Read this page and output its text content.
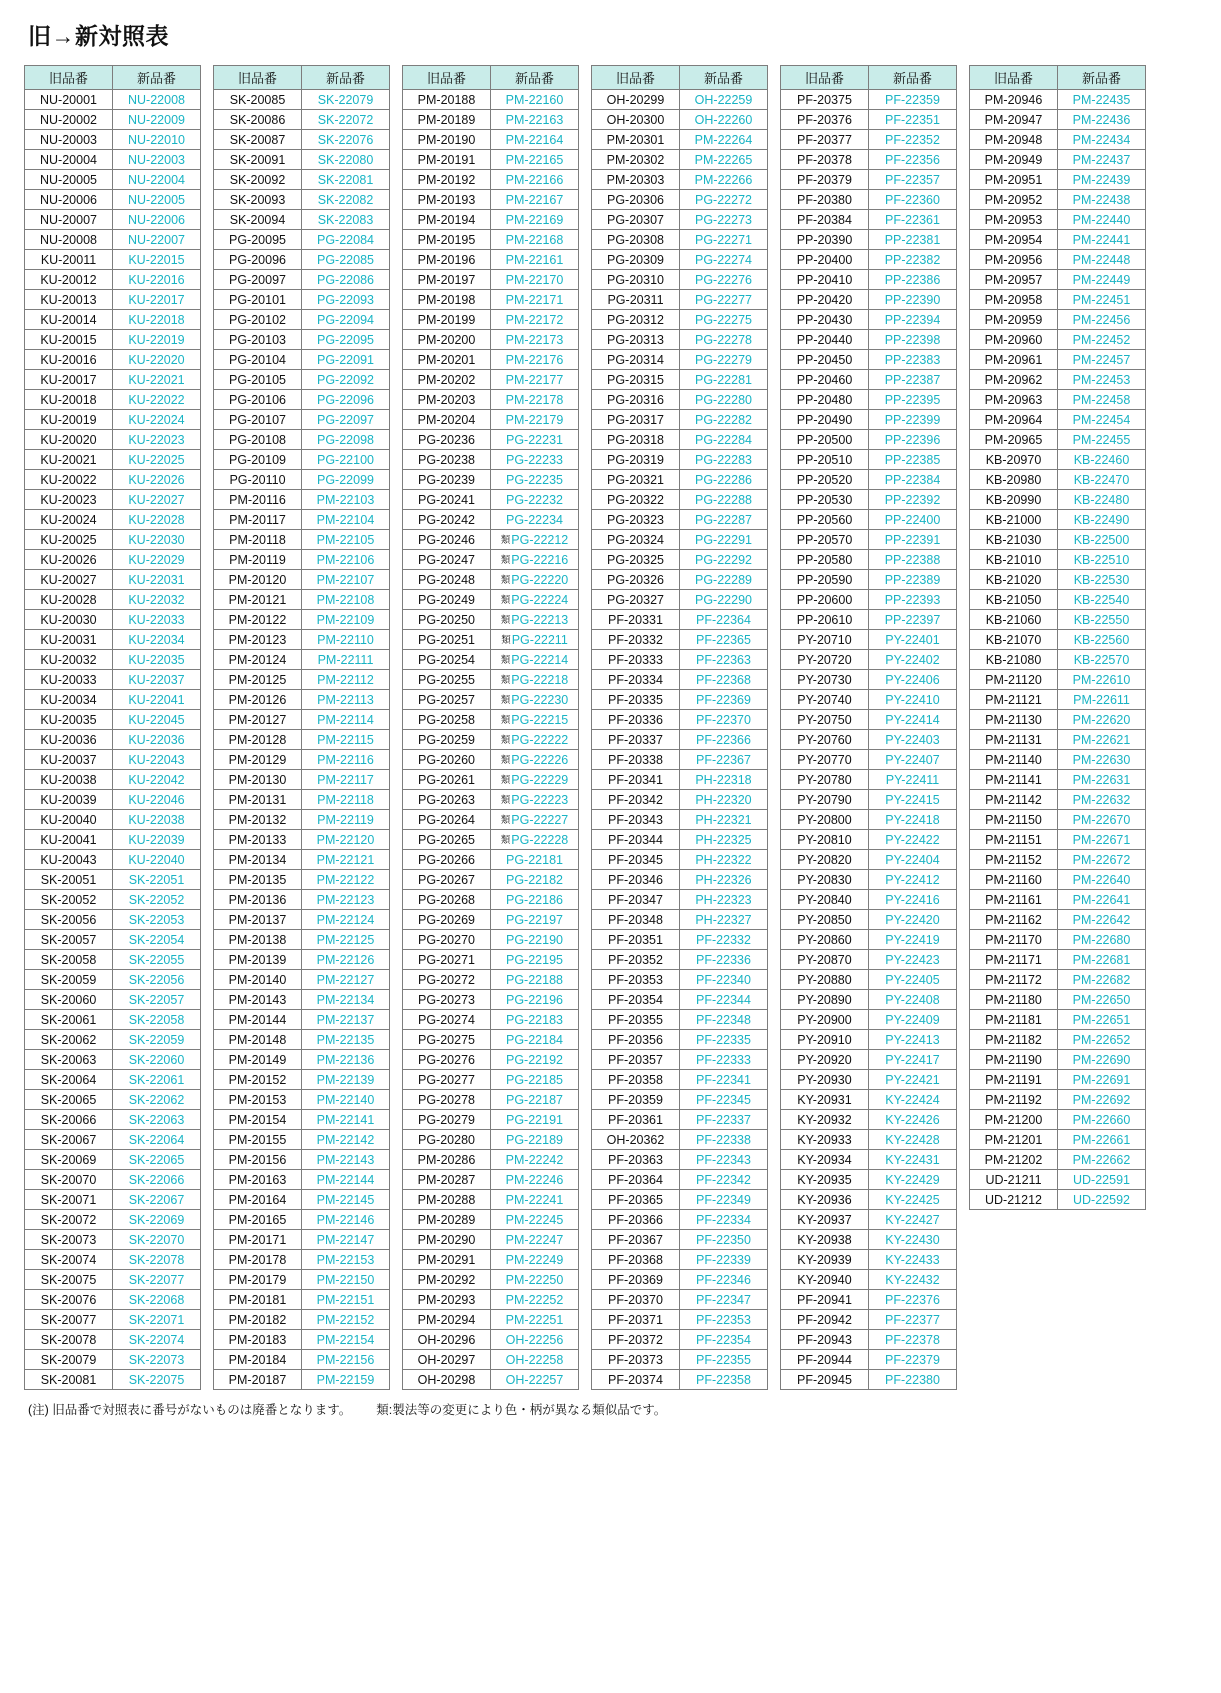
旧→新対照表
旧品番	新品番
NU-20001	NU-22008
NU-20002	NU-22009
NU-20003	NU-22010
NU-20004	NU-22003
NU-20005	NU-22004
NU-20006	NU-22005
NU-20007	NU-22006
NU-20008	NU-22007
KU-20011	KU-22015
KU-20012	KU-22016
KU-20013	KU-22017
KU-20014	KU-22018
KU-20015	KU-22019
KU-20016	KU-22020
KU-20017	KU-22021
KU-20018	KU-22022
KU-20019	KU-22024
KU-20020	KU-22023
KU-20021	KU-22025
KU-20022	KU-22026
KU-20023	KU-22027
KU-20024	KU-22028
KU-20025	KU-22030
KU-20026	KU-22029
KU-20027	KU-22031
KU-20028	KU-22032
KU-20030	KU-22033
KU-20031	KU-22034
KU-20032	KU-22035
KU-20033	KU-22037
KU-20034	KU-22041
KU-20035	KU-22045
KU-20036	KU-22036
KU-20037	KU-22043
KU-20038	KU-22042
KU-20039	KU-22046
KU-20040	KU-22038
KU-20041	KU-22039
KU-20043	KU-22040
SK-20051	SK-22051
SK-20052	SK-22052
SK-20056	SK-22053
SK-20057	SK-22054
SK-20058	SK-22055
SK-20059	SK-22056
SK-20060	SK-22057
SK-20061	SK-22058
SK-20062	SK-22059
SK-20063	SK-22060
SK-20064	SK-22061
SK-20065	SK-22062
SK-20066	SK-22063
SK-20067	SK-22064
SK-20069	SK-22065
SK-20070	SK-22066
SK-20071	SK-22067
SK-20072	SK-22069
SK-20073	SK-22070
SK-20074	SK-22078
SK-20075	SK-22077
SK-20076	SK-22068
SK-20077	SK-22071
SK-20078	SK-22074
SK-20079	SK-22073
SK-20081	SK-22075
旧品番	新品番
SK-20085	SK-22079
SK-20086	SK-22072
SK-20087	SK-22076
SK-20091	SK-22080
SK-20092	SK-22081
SK-20093	SK-22082
SK-20094	SK-22083
PG-20095	PG-22084
PG-20096	PG-22085
PG-20097	PG-22086
PG-20101	PG-22093
PG-20102	PG-22094
PG-20103	PG-22095
PG-20104	PG-22091
PG-20105	PG-22092
PG-20106	PG-22096
PG-20107	PG-22097
PG-20108	PG-22098
PG-20109	PG-22100
PG-20110	PG-22099
PM-20116	PM-22103
PM-20117	PM-22104
PM-20118	PM-22105
PM-20119	PM-22106
PM-20120	PM-22107
PM-20121	PM-22108
PM-20122	PM-22109
PM-20123	PM-22110
PM-20124	PM-22111
PM-20125	PM-22112
PM-20126	PM-22113
PM-20127	PM-22114
PM-20128	PM-22115
PM-20129	PM-22116
PM-20130	PM-22117
PM-20131	PM-22118
PM-20132	PM-22119
PM-20133	PM-22120
PM-20134	PM-22121
PM-20135	PM-22122
PM-20136	PM-22123
PM-20137	PM-22124
PM-20138	PM-22125
PM-20139	PM-22126
PM-20140	PM-22127
PM-20143	PM-22134
PM-20144	PM-22137
PM-20148	PM-22135
PM-20149	PM-22136
PM-20152	PM-22139
PM-20153	PM-22140
PM-20154	PM-22141
PM-20155	PM-22142
PM-20156	PM-22143
PM-20163	PM-22144
PM-20164	PM-22145
PM-20165	PM-22146
PM-20171	PM-22147
PM-20178	PM-22153
PM-20179	PM-22150
PM-20181	PM-22151
PM-20182	PM-22152
PM-20183	PM-22154
PM-20184	PM-22156
PM-20187	PM-22159
旧品番	新品番
PM-20188	PM-22160
PM-20189	PM-22163
PM-20190	PM-22164
PM-20191	PM-22165
PM-20192	PM-22166
PM-20193	PM-22167
PM-20194	PM-22169
PM-20195	PM-22168
PM-20196	PM-22161
PM-20197	PM-22170
PM-20198	PM-22171
PM-20199	PM-22172
PM-20200	PM-22173
PM-20201	PM-22176
PM-20202	PM-22177
PM-20203	PM-22178
PM-20204	PM-22179
PG-20236	PG-22231
PG-20238	PG-22233
PG-20239	PG-22235
PG-20241	PG-22232
PG-20242	PG-22234
PG-20246	類PG-22212
PG-20247	類PG-22216
PG-20248	類PG-22220
PG-20249	類PG-22224
PG-20250	類PG-22213
PG-20251	類PG-22211
PG-20254	類PG-22214
PG-20255	類PG-22218
PG-20257	類PG-22230
PG-20258	類PG-22215
PG-20259	類PG-22222
PG-20260	類PG-22226
PG-20261	類PG-22229
PG-20263	類PG-22223
PG-20264	類PG-22227
PG-20265	類PG-22228
PG-20266	PG-22181
PG-20267	PG-22182
PG-20268	PG-22186
PG-20269	PG-22197
PG-20270	PG-22190
PG-20271	PG-22195
PG-20272	PG-22188
PG-20273	PG-22196
PG-20274	PG-22183
PG-20275	PG-22184
PG-20276	PG-22192
PG-20277	PG-22185
PG-20278	PG-22187
PG-20279	PG-22191
PG-20280	PG-22189
PM-20286	PM-22242
PM-20287	PM-22246
PM-20288	PM-22241
PM-20289	PM-22245
PM-20290	PM-22247
PM-20291	PM-22249
PM-20292	PM-22250
PM-20293	PM-22252
PM-20294	PM-22251
OH-20296	OH-22256
OH-20297	OH-22258
OH-20298	OH-22257
旧品番	新品番
OH-20299	OH-22259
OH-20300	OH-22260
PM-20301	PM-22264
PM-20302	PM-22265
PM-20303	PM-22266
PG-20306	PG-22272
PG-20307	PG-22273
PG-20308	PG-22271
PG-20309	PG-22274
PG-20310	PG-22276
PG-20311	PG-22277
PG-20312	PG-22275
PG-20313	PG-22278
PG-20314	PG-22279
PG-20315	PG-22281
PG-20316	PG-22280
PG-20317	PG-22282
PG-20318	PG-22284
PG-20319	PG-22283
PG-20321	PG-22286
PG-20322	PG-22288
PG-20323	PG-22287
PG-20324	PG-22291
PG-20325	PG-22292
PG-20326	PG-22289
PG-20327	PG-22290
PF-20331	PF-22364
PF-20332	PF-22365
PF-20333	PF-22363
PF-20334	PF-22368
PF-20335	PF-22369
PF-20336	PF-22370
PF-20337	PF-22366
PF-20338	PF-22367
PF-20341	PH-22318
PF-20342	PH-22320
PF-20343	PH-22321
PF-20344	PH-22325
PF-20345	PH-22322
PF-20346	PH-22326
PF-20347	PH-22323
PF-20348	PH-22327
PF-20351	PF-22332
PF-20352	PF-22336
PF-20353	PF-22340
PF-20354	PF-22344
PF-20355	PF-22348
PF-20356	PF-22335
PF-20357	PF-22333
PF-20358	PF-22341
PF-20359	PF-22345
PF-20361	PF-22337
OH-20362	PF-22338
PF-20363	PF-22343
PF-20364	PF-22342
PF-20365	PF-22349
PF-20366	PF-22334
PF-20367	PF-22350
PF-20368	PF-22339
PF-20369	PF-22346
PF-20370	PF-22347
PF-20371	PF-22353
PF-20372	PF-22354
PF-20373	PF-22355
PF-20374	PF-22358
旧品番	新品番
PF-20375	PF-22359
PF-20376	PF-22351
PF-20377	PF-22352
PF-20378	PF-22356
PF-20379	PF-22357
PF-20380	PF-22360
PF-20384	PF-22361
PP-20390	PP-22381
PP-20400	PP-22382
PP-20410	PP-22386
PP-20420	PP-22390
PP-20430	PP-22394
PP-20440	PP-22398
PP-20450	PP-22383
PP-20460	PP-22387
PP-20480	PP-22395
PP-20490	PP-22399
PP-20500	PP-22396
PP-20510	PP-22385
PP-20520	PP-22384
PP-20530	PP-22392
PP-20560	PP-22400
PP-20570	PP-22391
PP-20580	PP-22388
PP-20590	PP-22389
PP-20600	PP-22393
PP-20610	PP-22397
PY-20710	PY-22401
PY-20720	PY-22402
PY-20730	PY-22406
PY-20740	PY-22410
PY-20750	PY-22414
PY-20760	PY-22403
PY-20770	PY-22407
PY-20780	PY-22411
PY-20790	PY-22415
PY-20800	PY-22418
PY-20810	PY-22422
PY-20820	PY-22404
PY-20830	PY-22412
PY-20840	PY-22416
PY-20850	PY-22420
PY-20860	PY-22419
PY-20870	PY-22423
PY-20880	PY-22405
PY-20890	PY-22408
PY-20900	PY-22409
PY-20910	PY-22413
PY-20920	PY-22417
PY-20930	PY-22421
KY-20931	KY-22424
KY-20932	KY-22426
KY-20933	KY-22428
KY-20934	KY-22431
KY-20935	KY-22429
KY-20936	KY-22425
KY-20937	KY-22427
KY-20938	KY-22430
KY-20939	KY-22433
KY-20940	KY-22432
PF-20941	PF-22376
PF-20942	PF-22377
PF-20943	PF-22378
PF-20944	PF-22379
PF-20945	PF-22380
旧品番	新品番
PM-20946	PM-22435
PM-20947	PM-22436
PM-20948	PM-22434
PM-20949	PM-22437
PM-20951	PM-22439
PM-20952	PM-22438
PM-20953	PM-22440
PM-20954	PM-22441
PM-20956	PM-22448
PM-20957	PM-22449
PM-20958	PM-22451
PM-20959	PM-22456
PM-20960	PM-22452
PM-20961	PM-22457
PM-20962	PM-22453
PM-20963	PM-22458
PM-20964	PM-22454
PM-20965	PM-22455
KB-20970	KB-22460
KB-20980	KB-22470
KB-20990	KB-22480
KB-21000	KB-22490
KB-21030	KB-22500
KB-21010	KB-22510
KB-21020	KB-22530
KB-21050	KB-22540
KB-21060	KB-22550
KB-21070	KB-22560
KB-21080	KB-22570
PM-21120	PM-22610
PM-21121	PM-22611
PM-21130	PM-22620
PM-21131	PM-22621
PM-21140	PM-22630
PM-21141	PM-22631
PM-21142	PM-22632
PM-21150	PM-22670
PM-21151	PM-22671
PM-21152	PM-22672
PM-21160	PM-22640
PM-21161	PM-22641
PM-21162	PM-22642
PM-21170	PM-22680
PM-21171	PM-22681
PM-21172	PM-22682
PM-21180	PM-22650
PM-21181	PM-22651
PM-21182	PM-22652
PM-21190	PM-22690
PM-21191	PM-22691
PM-21192	PM-22692
PM-21200	PM-22660
PM-21201	PM-22661
PM-21202	PM-22662
UD-21211	UD-22591
UD-21212	UD-22592
(注) 旧品番で対照表に番号がないものは廃番となります。 類:製法等の変更により色・柄が異なる類似品です。
